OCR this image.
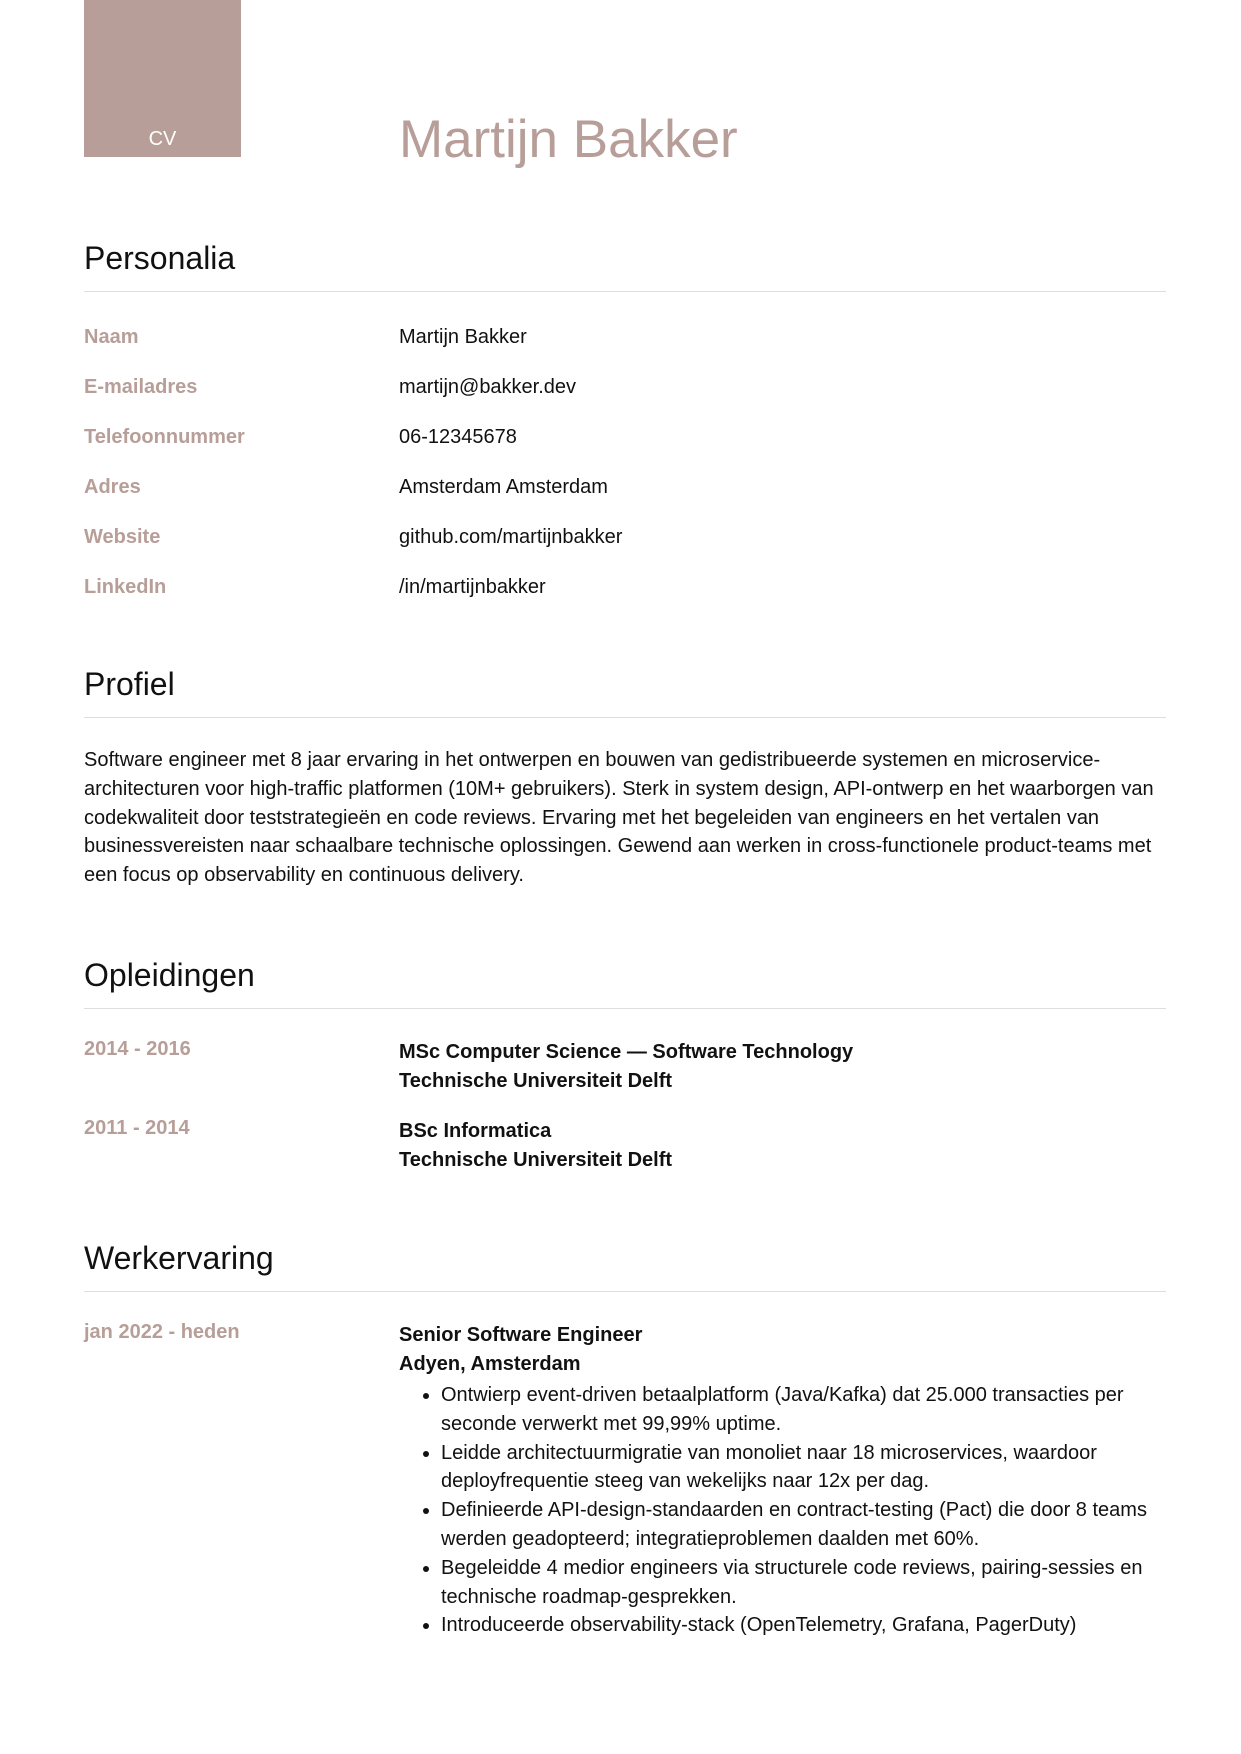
CV	Martijn Bakker
Personalia
Naam	Martijn Bakker
E-mailadres	martijn@bakker.dev
Telefoonnummer	06-12345678
Adres	Amsterdam Amsterdam
Website	github.com/martijnbakker
LinkedIn	/in/martijnbakker
Profiel

Software engineer met 8 jaar ervaring in het ontwerpen en bouwen van gedistribueerde systemen en microservice-architecturen voor high-traffic platformen (10M+ gebruikers). Sterk in system design, API-ontwerp en het waarborgen van codekwaliteit door teststrategieën en code reviews. Ervaring met het begeleiden van engineers en het vertalen van businessvereisten naar schaalbare technische oplossingen. Gewend aan werken in cross-functionele product-teams met een focus op observability en continuous delivery.

Opleidingen
2014 - 2016	MSc Computer Science — Software Technology
Technische Universiteit Delft
2011 - 2014	BSc Informatica
Technische Universiteit Delft
Werkervaring
jan 2022 - heden	Senior Software Engineer
Adyen, Amsterdam
• Ontwierp event-driven betaalplatform (Java/Kafka) dat 25.000 transacties per seconde verwerkt met 99,99% uptime.
• Leidde architectuurmigratie van monoliet naar 18 microservices, waardoor deployfrequentie steeg van wekelijks naar 12x per dag.
• Definieerde API-design-standaarden en contract-testing (Pact) die door 8 teams werden geadopteerd; integratieproblemen daalden met 60%.
• Begeleidde 4 medior engineers via structurele code reviews, pairing-sessies en technische roadmap-gesprekken.
• Introduceerde observability-stack (OpenTelemetry, Grafana, PagerDuty)
